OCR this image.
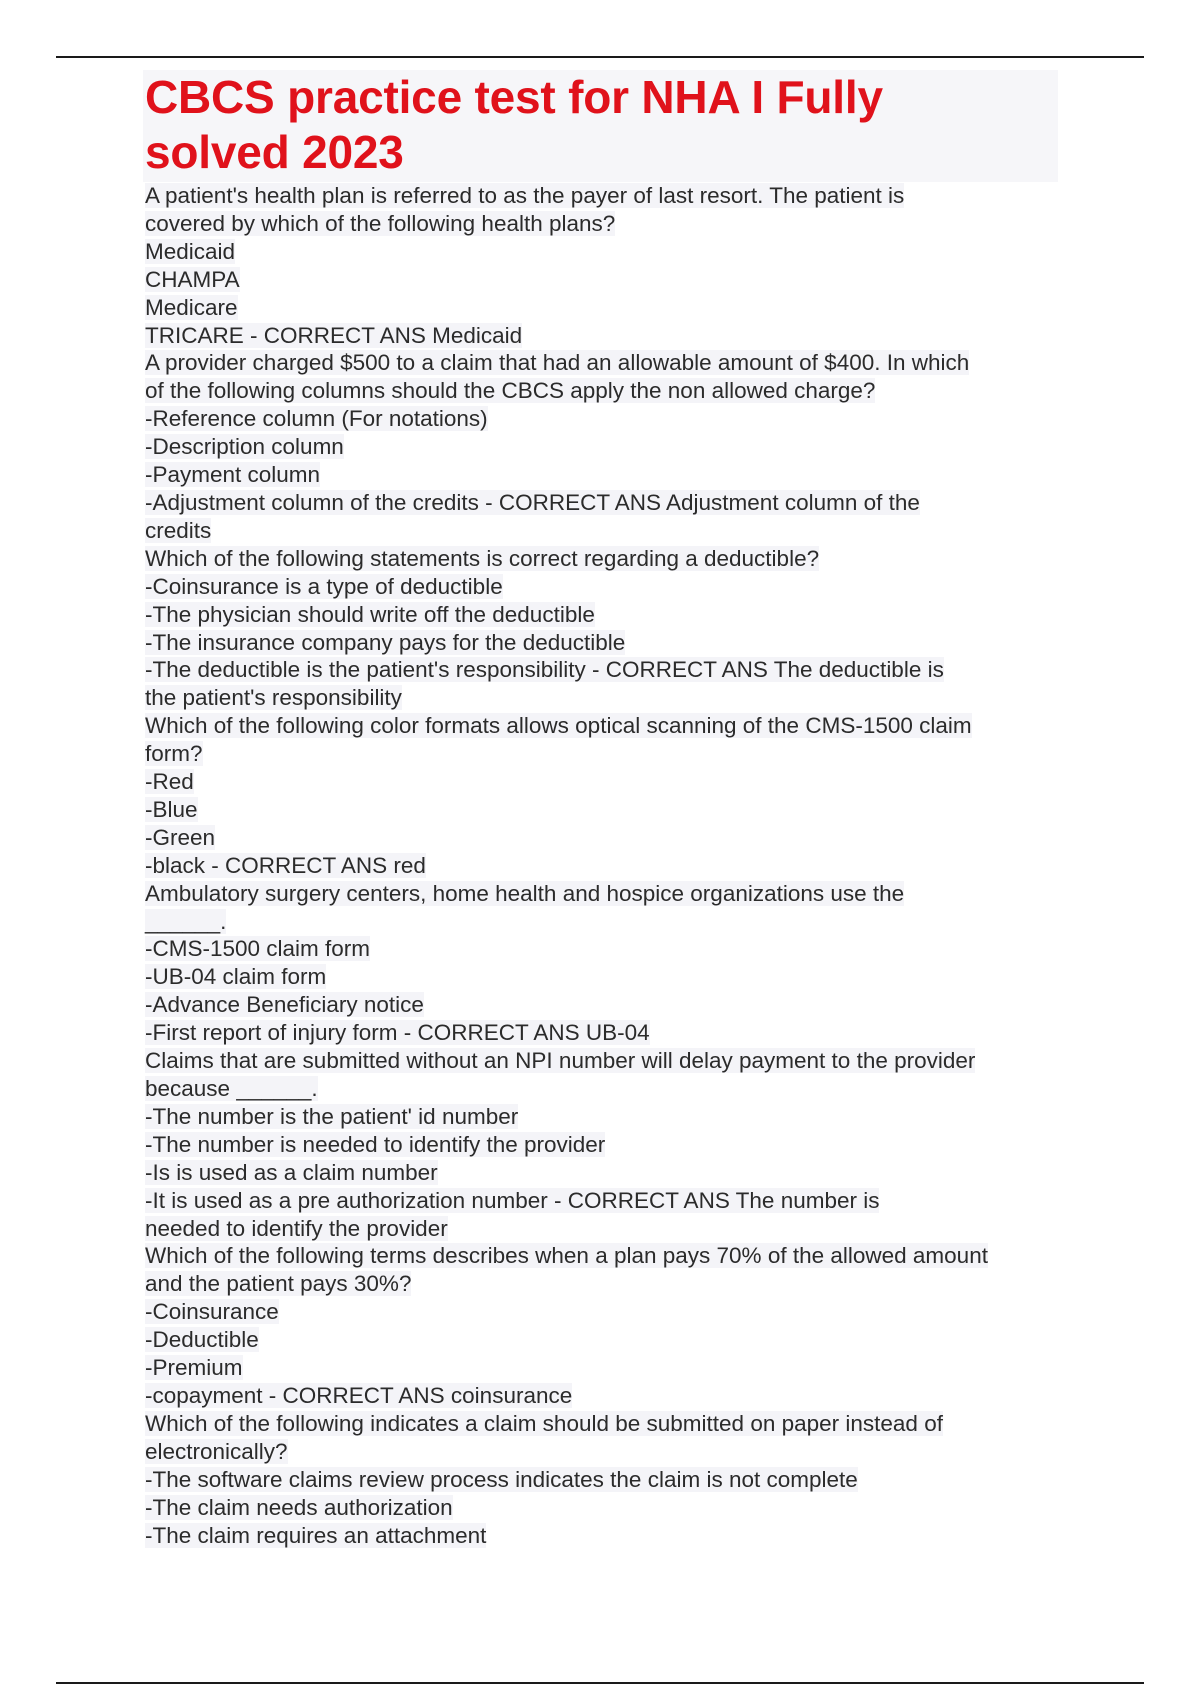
CBCS practice test for NHA I Fully
solved 2023
A patient's health plan is referred to as the payer of last resort. The patient is
covered by which of the following health plans?
Medicaid
CHAMPA
Medicare
TRICARE - CORRECT ANS Medicaid
A provider charged $500 to a claim that had an allowable amount of $400. In which
of the following columns should the CBCS apply the non allowed charge?
-Reference column (For notations)
-Description column
-Payment column
-Adjustment column of the credits - CORRECT ANS Adjustment column of the
credits
Which of the following statements is correct regarding a deductible?
-Coinsurance is a type of deductible
-The physician should write off the deductible
-The insurance company pays for the deductible
-The deductible is the patient's responsibility - CORRECT ANS The deductible is
the patient's responsibility
Which of the following color formats allows optical scanning of the CMS-1500 claim
form?
-Red
-Blue
-Green
-black - CORRECT ANS red
Ambulatory surgery centers, home health and hospice organizations use the
______.
-CMS-1500 claim form
-UB-04 claim form
-Advance Beneficiary notice
-First report of injury form - CORRECT ANS UB-04
Claims that are submitted without an NPI number will delay payment to the provider
because ______.
-The number is the patient' id number
-The number is needed to identify the provider
-Is is used as a claim number
-It is used as a pre authorization number - CORRECT ANS The number is
needed to identify the provider
Which of the following terms describes when a plan pays 70% of the allowed amount
and the patient pays 30%?
-Coinsurance
-Deductible
-Premium
-copayment - CORRECT ANS coinsurance
Which of the following indicates a claim should be submitted on paper instead of
electronically?
-The software claims review process indicates the claim is not complete
-The claim needs authorization
-The claim requires an attachment
